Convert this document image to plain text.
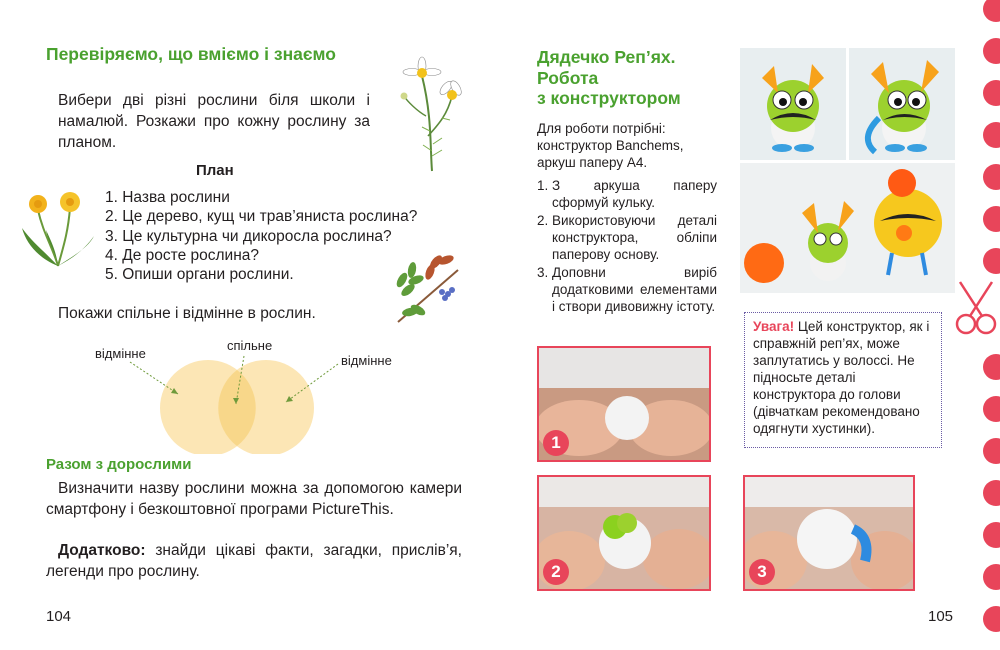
Перевіряємо, що вміємо і знаємо
Вибери дві різні рослини біля школи і намалюй. Розкажи про кожну рослину за планом.
План
1. Назва рослини
2. Це дерево, кущ чи трав’яниста рослина?
3. Це культурна чи дикоросла рослина?
4. Де росте рослина?
5. Опиши органи рослини.
Покажи спільне і відмінне в рослин.
відмінне
спільне
відмінне
Разом з дорослими
Визначити назву рослини можна за допомогою камери смартфону і безкоштовної програми PictureThis.
Додатково: знайди цікаві факти, загадки, прислів’я, легенди про рослину.
104
Дядечко Реп’ях.
Робота
з конструктором
Для роботи потрібні: конструктор Banchems, аркуш паперу А4.
1. З аркуша паперу сформуй кульку.
2. Використовуючи деталі конструктора, обліпи паперову основу.
3. Доповни виріб додатковими елементами і створи дивовижну істоту.
Увага! Цей конструктор, як і справжній реп’ях, може заплутатись у волоссі. Не підносьте деталі конструктора до голови (дівчаткам рекомендовано одягнути хустинки).
1
2	3
105
